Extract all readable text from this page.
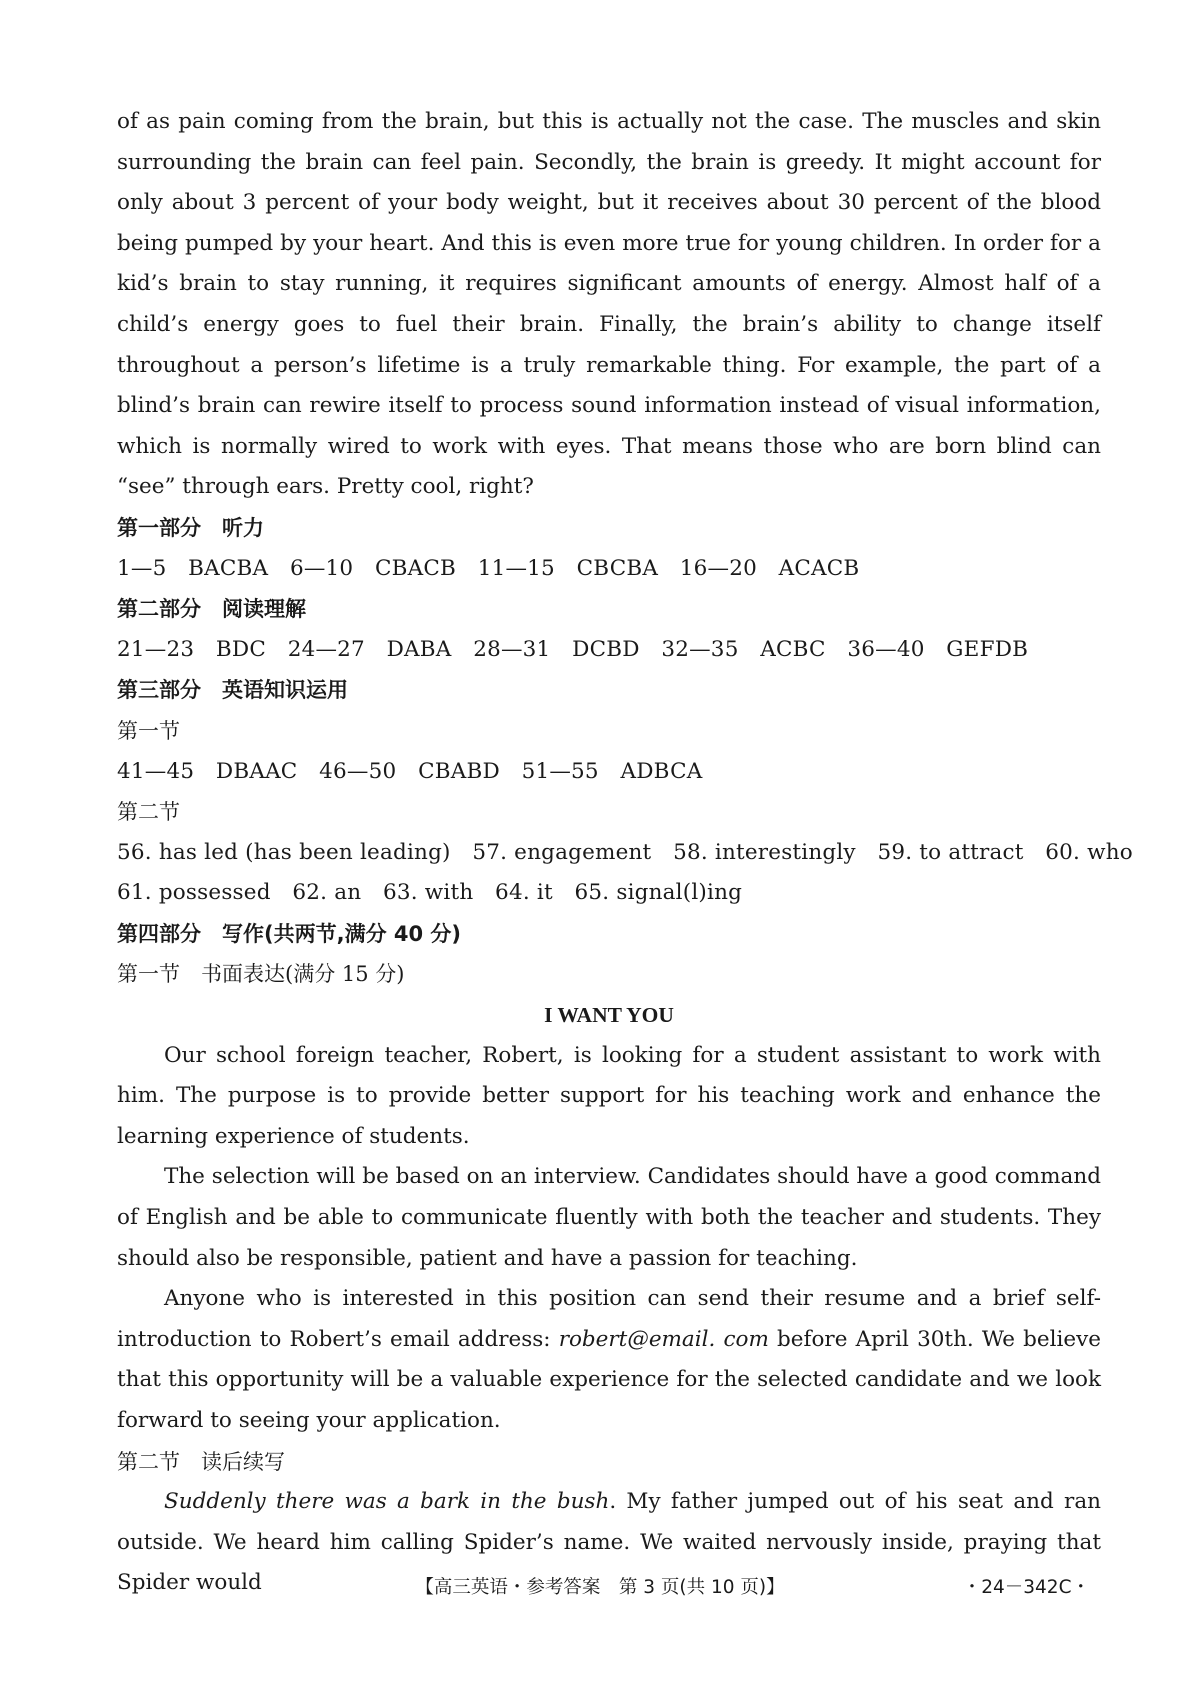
of as pain coming from the brain, but this is actually not the case. The muscles and skin surrounding the brain can feel pain. Secondly, the brain is greedy. It might account for only about 3 percent of your body weight, but it receives about 30 percent of the blood being pumped by your heart. And this is even more true for young children. In order for a kid’s brain to stay running, it requires significant amounts of energy. Almost half of a child’s energy goes to fuel their brain. Finally, the brain’s ability to change itself throughout a person’s lifetime is a truly remarkable thing. For example, the part of a blind’s brain can rewire itself to process sound information instead of visual information, which is normally wired to work with eyes. That means those who are born blind can “see” through ears. Pretty cool, right?

第一部分　听力

1—5　BACBA　6—10　CBACB　11—15　CBCBA　16—20　ACACB

第二部分　阅读理解

21—23　BDC　24—27　DABA　28—31　DCBD　32—35　ACBC　36—40　GEFDB

第三部分　英语知识运用

第一节

41—45　DBAAC　46—50　CBABD　51—55　ADBCA

第二节

56. has led (has been leading)　57. engagement　58. interestingly　59. to attract　60. who

61. possessed　62. an　63. with　64. it　65. signal(l)ing

第四部分　写作(共两节,满分 40 分)

第一节　书面表达(满分 15 分)

I WANT YOU

Our school foreign teacher, Robert, is looking for a student assistant to work with him. The purpose is to provide better support for his teaching work and enhance the learning experience of students.

The selection will be based on an interview. Candidates should have a good command of English and be able to communicate fluently with both the teacher and students. They should also be responsible, patient and have a passion for teaching.

Anyone who is interested in this position can send their resume and a brief self-introduction to Robert’s email address: robert@email. com before April 30th. We believe that this opportunity will be a valuable experience for the selected candidate and we look forward to seeing your application.

第二节　读后续写

Suddenly there was a bark in the bush. My father jumped out of his seat and ran outside. We heard him calling Spider’s name. We waited nervously inside, praying that Spider would	【高三英语・参考答案　第 3 页(共 10 页)】	・24－342C・
